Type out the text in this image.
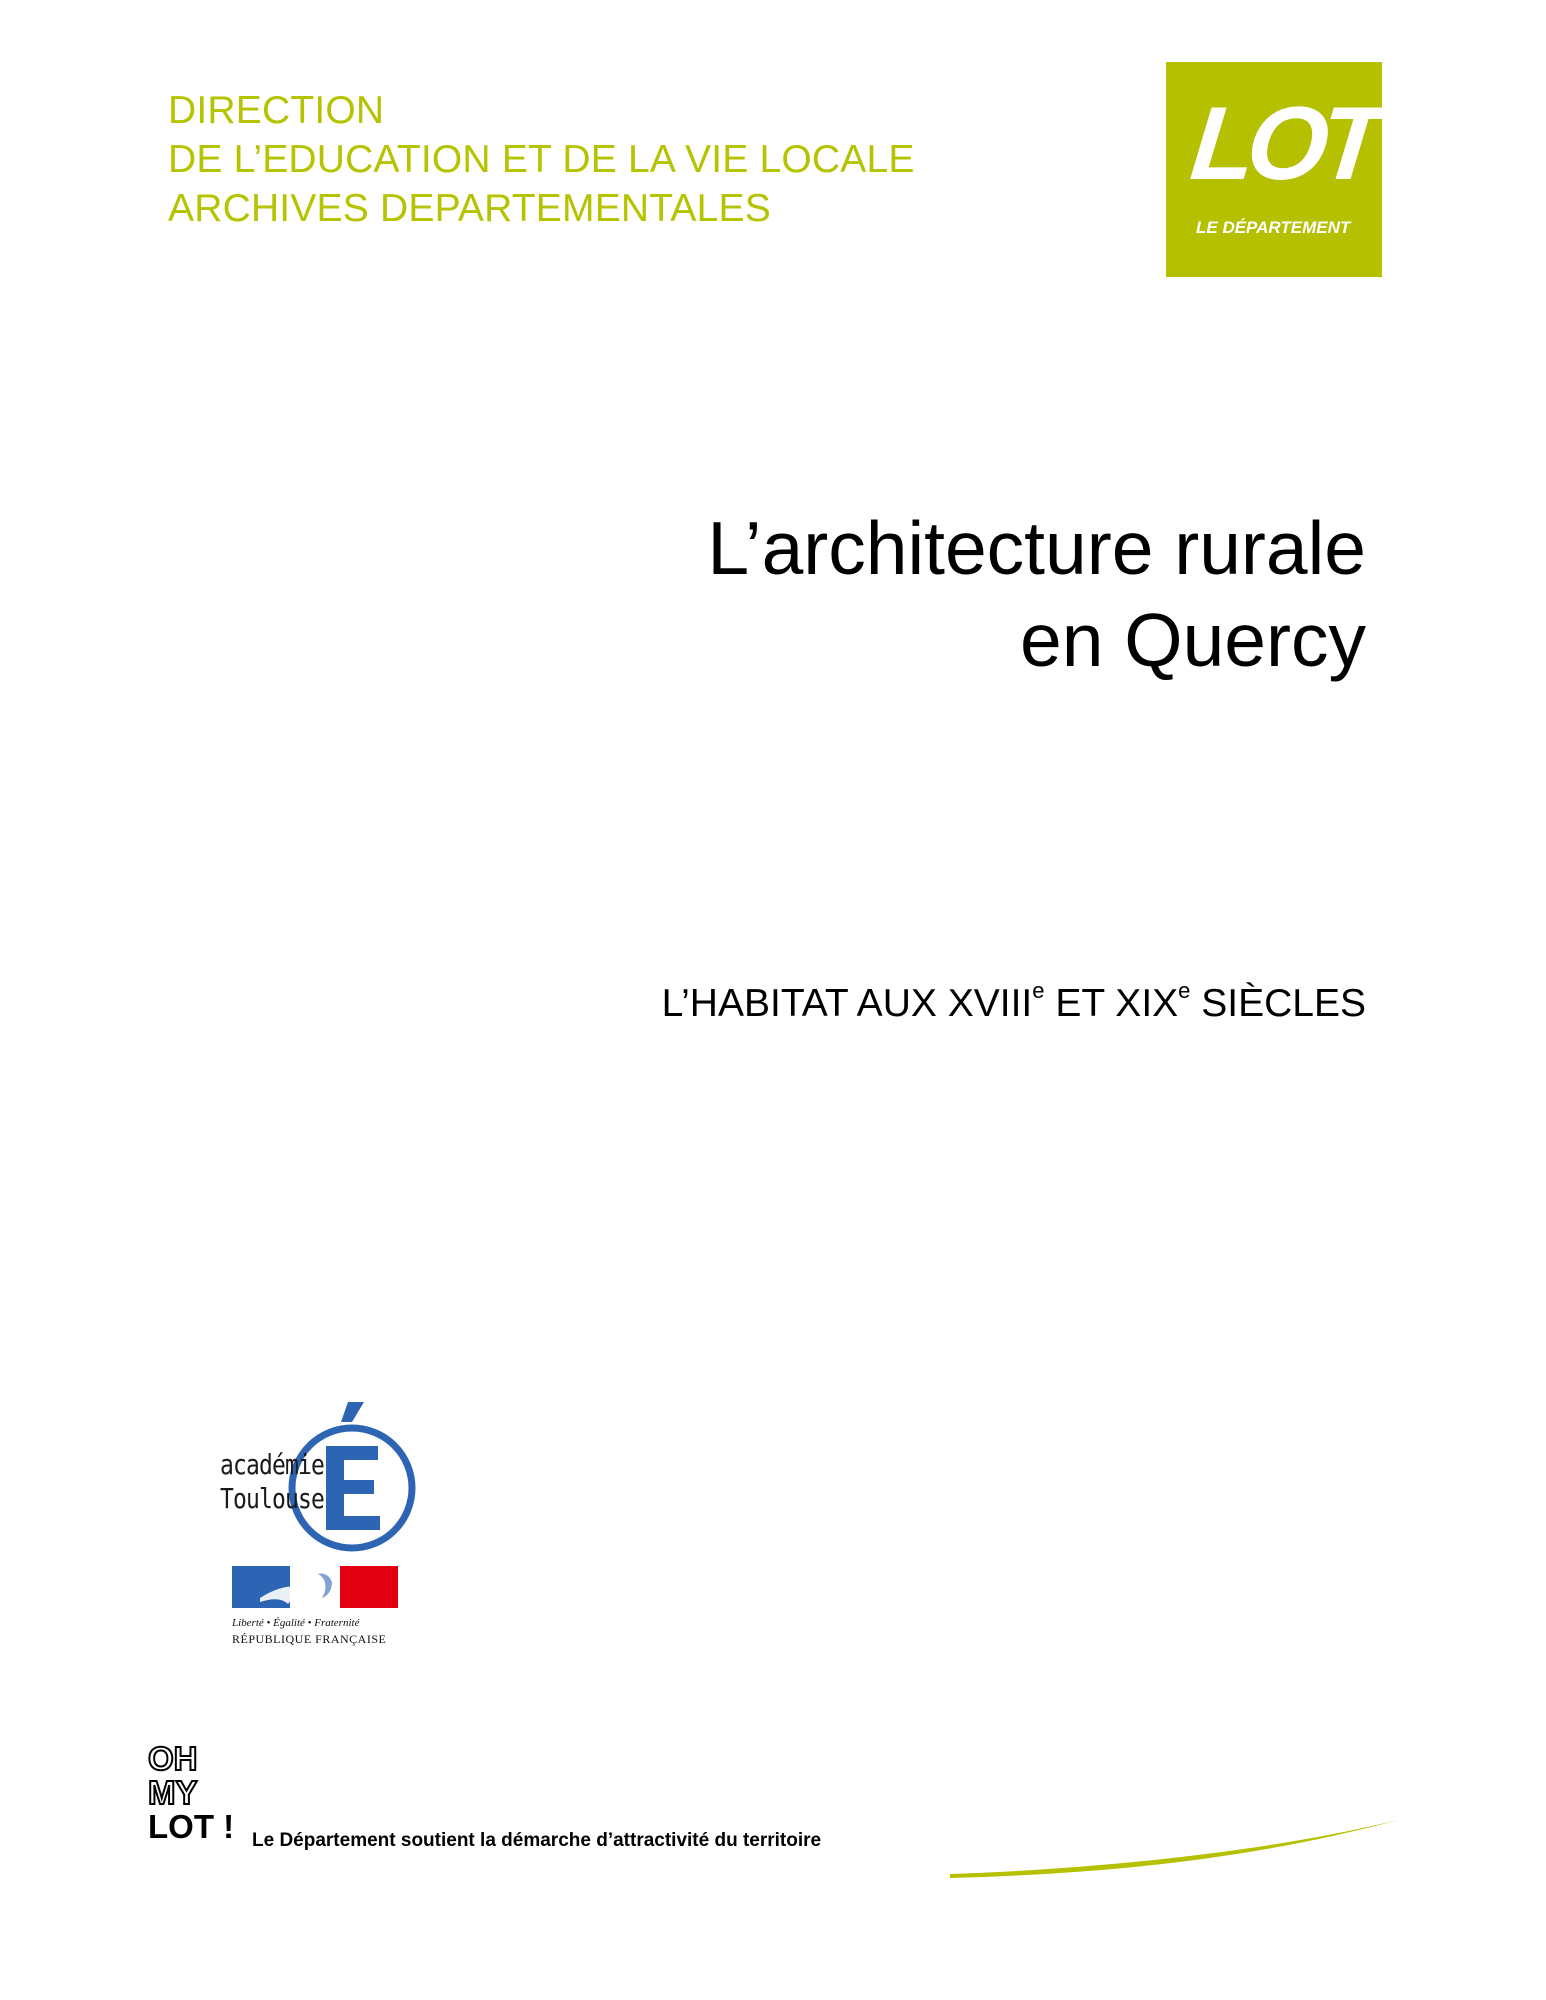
DIRECTION
DE L’EDUCATION ET DE LA VIE LOCALE
ARCHIVES DEPARTEMENTALES
LOT
LE DÉPARTEMENT
L’architecture rurale
en Quercy
L’HABITAT AUX XVIIIe ET XIXe SIÈCLES
académie
Toulouse
Liberté • Égalité • Fraternité
RÉPUBLIQUE FRANÇAISE
OH
MY
LOT ! Le Département soutient la démarche d’attractivité du territoire
